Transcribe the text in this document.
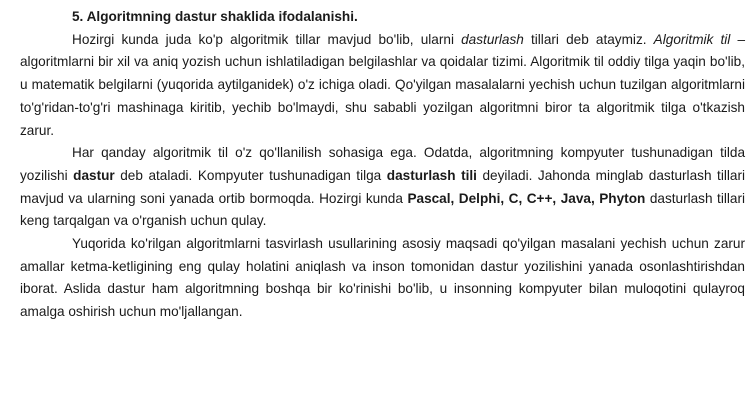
5. Algoritmning dastur shaklida ifodalanishi.

Hozirgi kunda juda ko'p algoritmik tillar mavjud bo'lib, ularni dasturlash tillari deb ataymiz. Algoritmik til – algoritmlarni bir xil va aniq yozish uchun ishlatiladigan belgilashlar va qoidalar tizimi. Algoritmik til oddiy tilga yaqin bo'lib, u matematik belgilarni (yuqorida aytilganidek) o'z ichiga oladi. Qo'yilgan masalalarni yechish uchun tuzilgan algoritmlarni to'g'ridan-to'g'ri mashinaga kiritib, yechib bo'lmaydi, shu sababli yozilgan algoritmni biror ta algoritmik tilga o'tkazish zarur.

Har qanday algoritmik til o'z qo'llanilish sohasiga ega. Odatda, algoritmning kompyuter tushunadigan tilda yozilishi dastur deb ataladi. Kompyuter tushunadigan tilga dasturlash tili deyiladi. Jahonda minglab dasturlash tillari mavjud va ularning soni yanada ortib bormoqda. Hozirgi kunda Pascal, Delphi, C, C++, Java, Phyton dasturlash tillari keng tarqalgan va o'rganish uchun qulay.

Yuqorida ko'rilgan algoritmlarni tasvirlash usullarining asosiy maqsadi qo'yilgan masalani yechish uchun zarur amallar ketma-ketligining eng qulay holatini aniqlash va inson tomonidan dastur yozilishini yanada osonlashtirishdan iborat. Aslida dastur ham algoritmning boshqa bir ko'rinishi bo'lib, u insonning kompyuter bilan muloqotini qulayroq amalga oshirish uchun mo'ljallangan.
